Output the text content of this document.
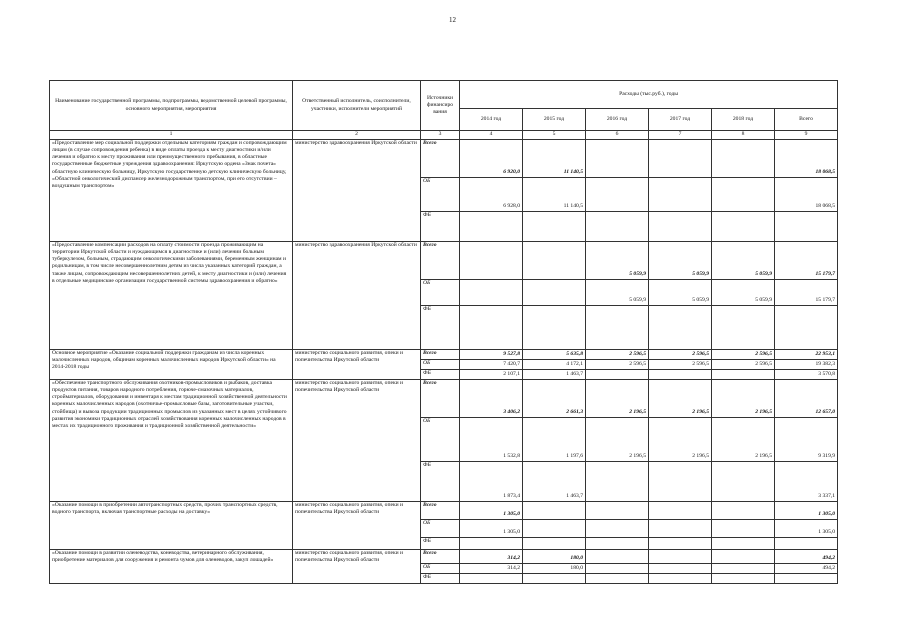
12
Наименование государственной программы, подпрограммы, ведомственной целевой программы, основного мероприятия, мероприятия	Ответственный исполнитель, соисполнители, участники, исполнители мероприятий	Источники финансиро вания	Расходы (тыс.руб.), годы					
			2014 год	2015 год	2016 год	2017 год	2018 год	Всего
1	2	3	4	5	6	7	8	9
«Предоставление мер социальной поддержки отдельным категориям граждан и сопровождающим лицам (в случае сопровождения ребенка) в виде оплаты проезда к месту диагностики и/или лечения и обратно к месту проживания или преимущественного пребывания, в областные государственные бюджетные учреждения здравоохранения: Иркутскую ордена «Знак почета» областную клиническую больницу, Иркутскую государственную детскую клиническую больницу, «Областной онкологический диспансер железнодорожным транспортом, при его отсутствии – воздушным транспортом»	министерство здравоохранения Иркутской области	Всего	6 920,0	11 140,5				18 068,5
		ОБ	6 928,0	11 140,5				18 068,5
		ФБ						
«Предоставление компенсации расходов на оплату стоимости проезда проживающим на территории Иркутской области и нуждающимся в диагностике и (или) лечении больным туберкулезом, больным, страдающим онкологическими заболеваниями, беременным женщинам и родильницам, в том числе несовершеннолетним детям из числа указанных категорий граждан, а также лицам, сопровождающим несовершеннолетних детей, к месту диагностики и (или) лечения в отдельные медицинские организации государственной системы здравоохранения и обратно»	министерство здравоохранения Иркутской области	Всего			5 059,9	5 059,9	5 059,9	15 179,7
		ОБ			5 059,9	5 059,9	5 059,9	15 179,7
		ФБ						
Основное мероприятие «Оказание социальной поддержки гражданам из числа коренных малочисленных народов, общинам коренных малочисленных народов Иркутской области» на 2014-2018 годы	министерство социального развития, опеки и попечительства Иркутской области	Всего	9 527,8	5 635,8	2 596,5	2 596,5	2 596,5	22 953,1
		ОБ	7 420,7	4 172,1	2 596,5	2 596,5	2 596,5	19 382,3
		ФБ	2 107,1	1 463,7				3 570,8
«Обеспечение транспортного обслуживания охотников-промысловиков и рыбаков, доставка продуктов питания, товаров народного потребления, горюче-смазочных материалов, стройматериалов, оборудования и инвентаря к местам традиционной хозяйственной деятельности коренных малочисленных народов (охотничье-промысловые базы, заготовительные участки, стойбища) и вывоза продукции традиционных промыслов из указанных мест в целях устойчивого развития экономики традиционных отраслей хозяйствования коренных малочисленных народов в местах их традиционного проживания и традиционной хозяйственной деятельности»	министерство социального развития, опеки и попечительства Иркутской области	Всего	3 406,2	2 661,3	2 196,5	2 196,5	2 196,5	12 657,0
		ОБ	1 532,8	1 197,6	2 196,5	2 196,5	2 196,5	9 319,9
		ФБ	1 873,4	1 463,7				3 337,1
«Оказание помощи в приобретении автотранспортных средств, прочих транспортных средств, водного транспорта, включая транспортные расходы на доставку»	министерство социального развития, опеки и попечительства Иркутской области	Всего	1 305,0					1 305,0
		ОБ	1 305,0					1 305,0
		ФБ						
«Оказание помощи в развитии оленеводства, коневодства, ветеринарного обслуживания, приобретение материалов для сооружения и ремонта чумов для оленеводов, закуп лошадей»	министерство социального развития, опеки и попечительства Иркутской области	Всего	314,2	180,0				494,2
		ОБ	314,2	180,0				494,2
		ФБ						
